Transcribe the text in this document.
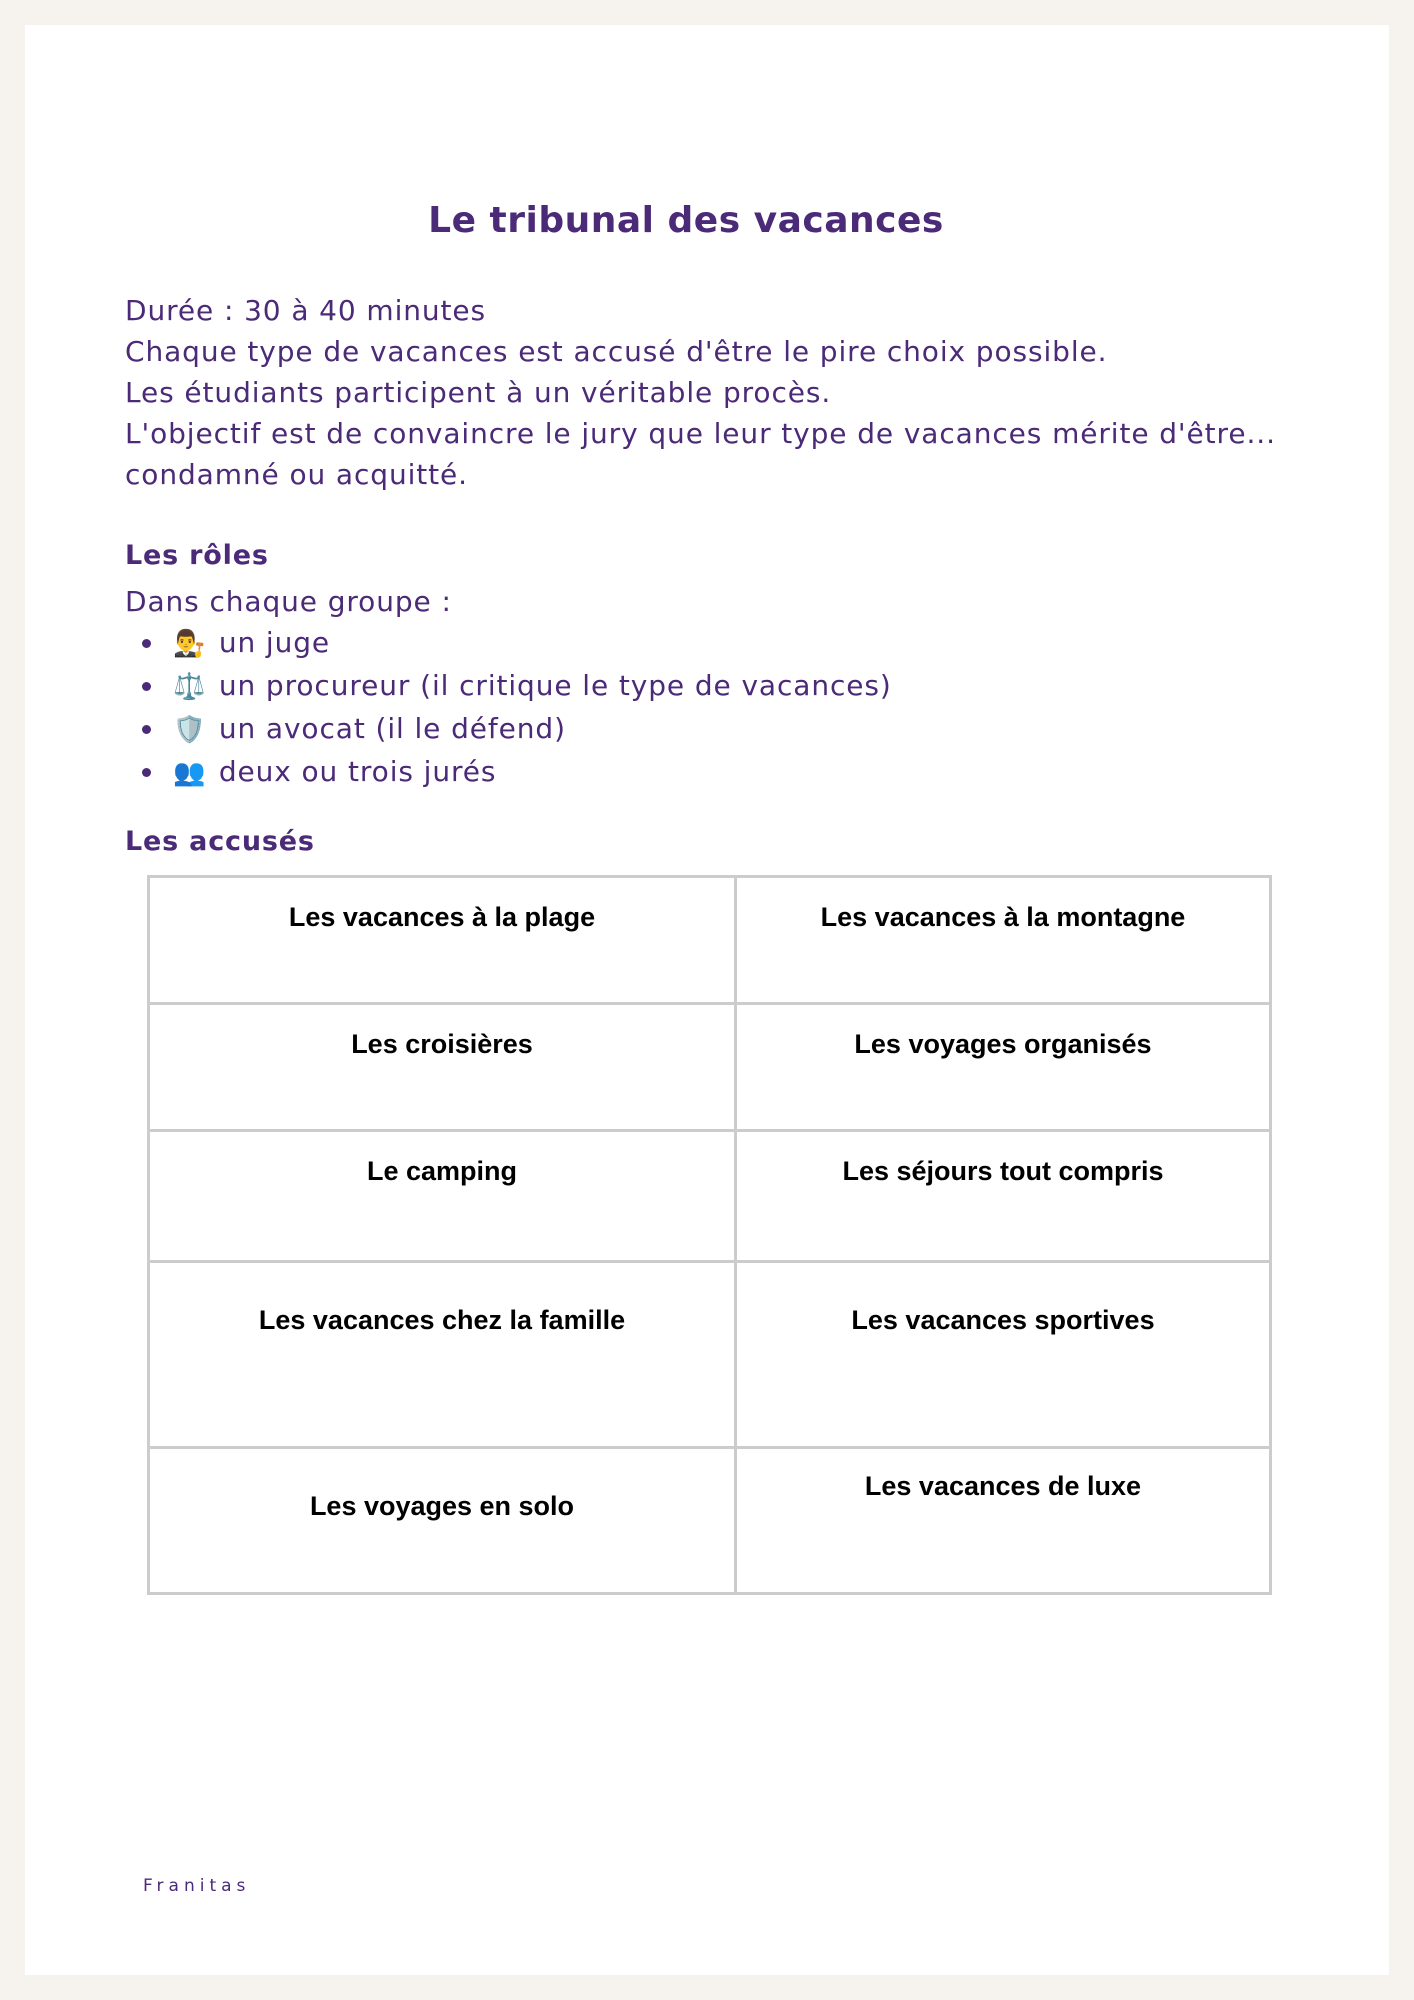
Le tribunal des vacances
Durée : 30 à 40 minutes
Chaque type de vacances est accusé d'être le pire choix possible.
Les étudiants participent à un véritable procès.
L'objectif est de convaincre le jury que leur type de vacances mérite d'être...
condamné ou acquitté.
Les rôles
Dans chaque groupe :
👨‍⚖️ un juge
⚖️ un procureur (il critique le type de vacances)
🛡️ un avocat (il le défend)
👥 deux ou trois jurés
Les accusés
Les vacances à la plage	Les vacances à la montagne
Les croisières	Les voyages organisés
Le camping	Les séjours tout compris
Les vacances chez la famille	Les vacances sportives
Les voyages en solo	Les vacances de luxe
Franitas
